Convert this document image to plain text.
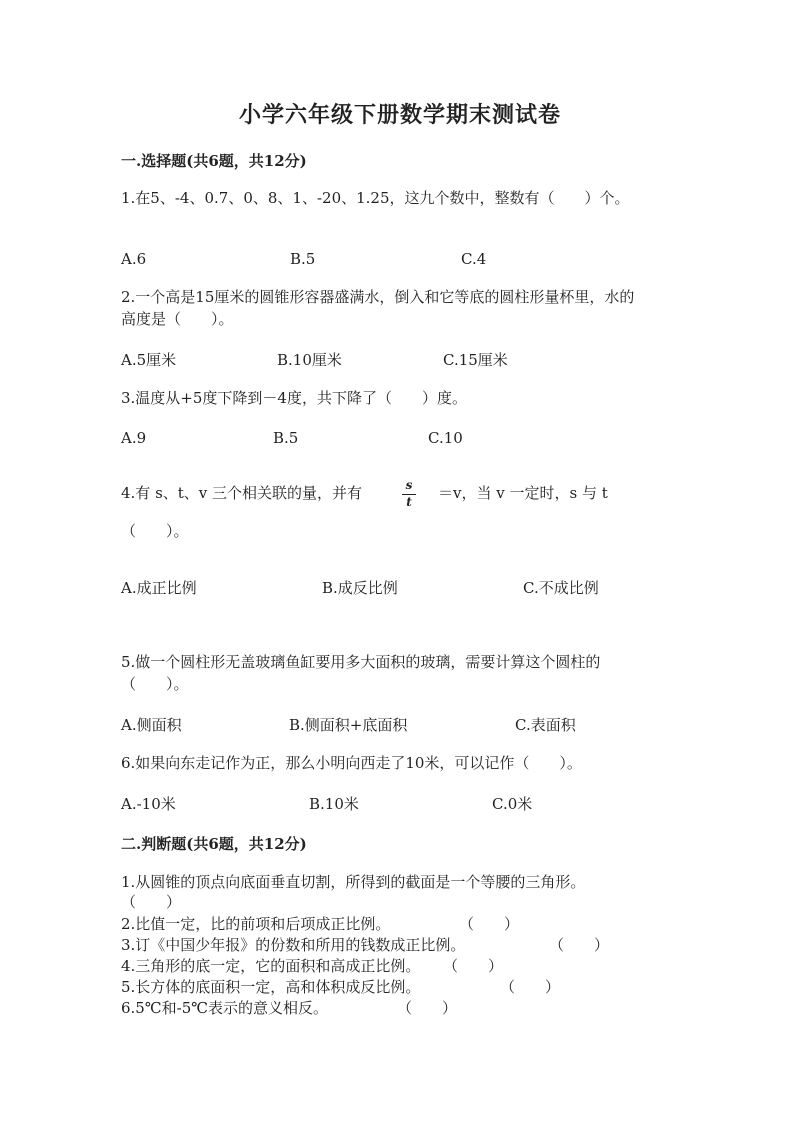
小学六年级下册数学期末测试卷
一.选择题(共6题，共12分)
1.在5、-4、0.7、0、8、1、-20、1.25，这九个数中，整数有（　　）个。
A.6	B.5	C.4
2.一个高是15厘米的圆锥形容器盛满水，倒入和它等底的圆柱形量杯里，水的
高度是（　　）。
A.5厘米	B.10厘米	C.15厘米
3.温度从+5度下降到－4度，共下降了（　　）度。
A.9	B.5	C.10
4.有 s、t、v 三个相关联的量，并有	s
t ＝v，当 v 一定时，s 与 t
（　　）。
A.成正比例	B.成反比例	C.不成比例
5.做一个圆柱形无盖玻璃鱼缸要用多大面积的玻璃，需要计算这个圆柱的
（　　）。
A.侧面积	B.侧面积+底面积	C.表面积
6.如果向东走记作为正，那么小明向西走了10米，可以记作（　　）。
A.-10米	B.10米	C.0米
二.判断题(共6题，共12分)
1.从圆锥的顶点向底面垂直切割，所得到的截面是一个等腰的三角形。
（　　）
2.比值一定，比的前项和后项成正比例。	（　　）
3.订《中国少年报》的份数和所用的钱数成正比例。	（　　）
4.三角形的底一定，它的面积和高成正比例。 （　　）
5.长方体的底面积一定，高和体积成反比例。	（　　）
6.5℃和-5℃表示的意义相反。	（　　）
